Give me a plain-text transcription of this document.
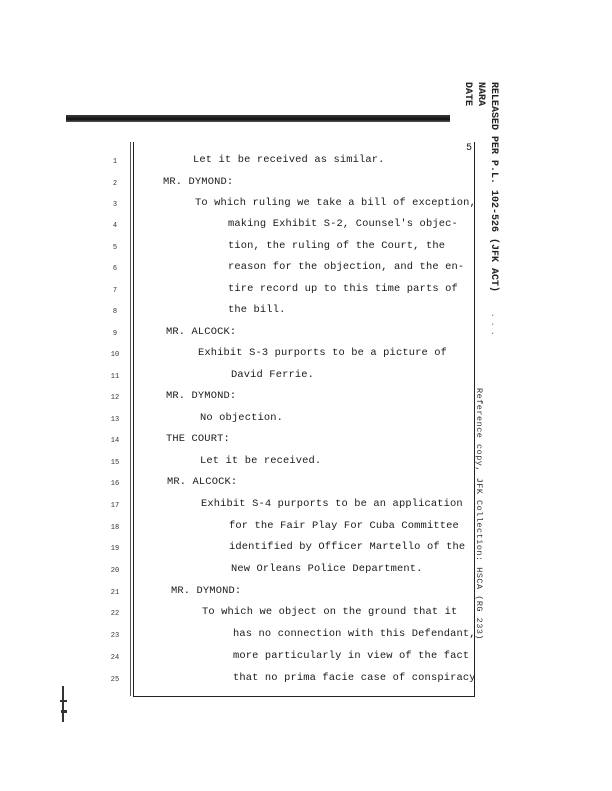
5 RELEASED PER P.L. 102-526 (JFK ACT)
NARA
DATE
·
·
·
Reference copy, JFK Collection: HSCA (RG 233)
1
2
3
4
5
6
7
8
9
10
11
12
13
14
15
16
17
18
19
20
21
22
23
24
25
Let it be received as similar.
MR. DYMOND:
To which ruling we take a bill of exception,
making Exhibit S-2, Counsel's objec-
tion, the ruling of the Court, the
reason for the objection, and the en-
tire record up to this time parts of
the bill.
MR. ALCOCK:
Exhibit S-3 purports to be a picture of
David Ferrie.
MR. DYMOND:
No objection.
THE COURT:
Let it be received.
MR. ALCOCK:
Exhibit S-4 purports to be an application
for the Fair Play For Cuba Committee
identified by Officer Martello of the
New Orleans Police Department.
MR. DYMOND:
To which we object on the ground that it
has no connection with this Defendant,
more particularly in view of the fact
that no prima facie case of conspiracy
